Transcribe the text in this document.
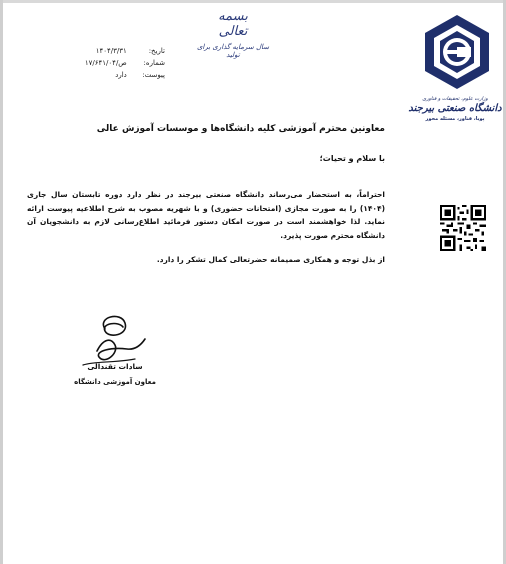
وزارت علوم، تحقیقات و فناوری
دانشگاه صنعتی بیرجند
پویا، فناور، مسئله محور
بسمه تعالی
سال سرمایه گذاری برای تولید
تاریخ: ۱۴۰۴/۳/۳۱
شماره: ۱۷/۶۴۱/ص/۰۴
پیوست: دارد
معاونین محترم آموزشی کلیه دانشگاه‌ها و موسسات آموزش عالی
با سلام و تحیات؛
احتراماً، به استحضار می‌رساند دانشگاه صنعتی بیرجند در نظر دارد دوره تابستان سال جاری (۱۴۰۴) را به صورت مجازی (امتحانات حضوری) و با شهریه مصوب به شرح اطلاعیه پیوست ارائه نماید. لذا خواهشمند است در صورت امکان دستور فرمائید اطلاع‌رسانی لازم به دانشجویان آن دانشگاه محترم صورت پذیرد.
از بذل توجه و همکاری صمیمانه حضرتعالی کمال تشکر را دارد.
سادات تقندالی
معاون آموزشی دانشگاه
